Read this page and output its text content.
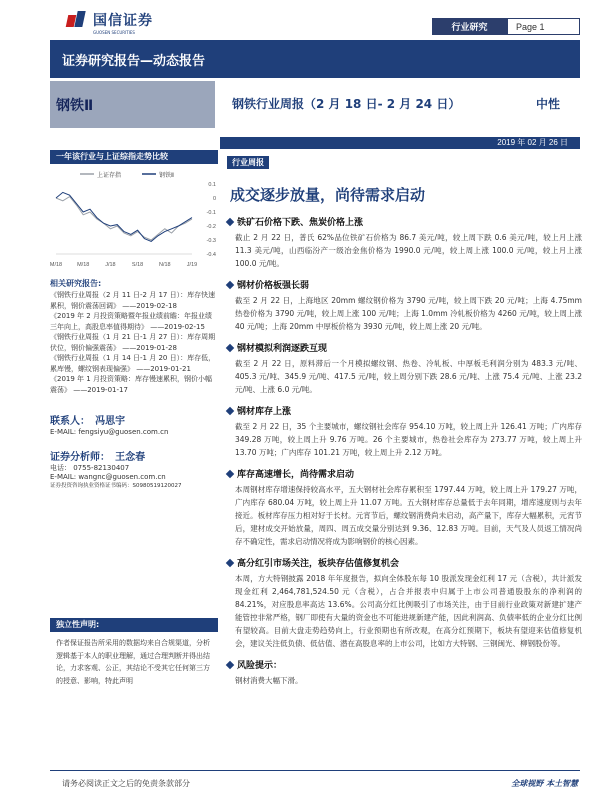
国信证券
GUOSEN SECURITIES	行业研究	Page 1
证券研究报告—动态报告
钢铁Ⅱ	钢铁行业周报（2 月 18 日- 2 月 24 日）	中性
2019 年 02 月 26 日
一年该行业与上证综指走势比较
上证存指	钢铁Ⅱ
0.1
0
-0.1
-0.2
-0.3
-0.4
M/18	M/18	J/18	S/18	N/18	J/19
相关研究报告:
《钢铁行业周报（2 月 11 日-2 月 17 日）：库存快速累积，钢价震荡回调》 ——2019-02-18
《2019 年 2 月投资策略暨年报业绩前瞻：年报业绩三年向上，高股息率值得期待》 ——2019-02-15
《钢铁行业周报（1 月 21 日-1 月 27 日）：库存周期伏位，钢价偏强震荡》 ——2019-01-28
《钢铁行业周报（1 月 14 日-1 月 20 日）：库存低，累库慢，螺纹钢表现偏强》 ——2019-01-21
《2019 年 1 月投资策略：库存慢速累积，钢价小幅震荡》 ——2019-01-17
联系人： 冯思宇
E-MAIL: fengsiyu@guosen.com.cn
证券分析师： 王念春
电话： 0755-82130407
E-MAIL: wangnc@guosen.com.cn
证券投资咨询执业资格证书编码：S0980519120027
独立性声明:
作者保证报告所采用的数据均来自合规渠道，分析逻辑基于本人的职业理解，通过合理判断并得出结论，力求客观、公正，其结论不受其它任何第三方的授意、影响，特此声明
行业周报
成交逐步放量，尚待需求启动
铁矿石价格下跌、焦炭价格上涨
截止 2 月 22 日，普氏 62%品位铁矿石价格为 86.7 美元/吨，较上周下跌 0.6 美元/吨，较上月上涨 11.3 美元/吨，山西临汾产一级冶金焦价格为 1990.0 元/吨，较上周上涨 100.0 元/吨，较上月上涨 100.0 元/吨。
钢材价格板强长弱
截至 2 月 22 日，上海地区 20mm 螺纹钢价格为 3790 元/吨，较上周下跌 20 元/吨；上海 4.75mm 热卷价格为 3790 元/吨，较上周上涨 100 元/吨；上海 1.0mm 冷轧板价格为 4260 元/吨，较上周上涨 40 元/吨；上海 20mm 中厚板价格为 3930 元/吨，较上周上涨 20 元/吨。
钢材模拟利润逐跌互现
截至 2 月 22 日，原料滞后一个月模拟螺纹钢、热卷、冷轧板、中厚板毛利润分别为 483.3 元/吨、405.3 元/吨、345.9 元/吨、417.5 元/吨，较上周分别下跌 28.6 元/吨、上涨 75.4 元/吨、上涨 23.2 元/吨、上涨 6.0 元/吨。
钢材库存上涨
截至 2 月 22 日，35 个主要城市，螺纹钢社会库存 954.10 万吨，较上周上升 126.41 万吨；广内库存 349.28 万吨，较上周上升 9.76 万吨。26 个主要城市，热卷社会库存为 273.77 万吨，较上周上升 13.70 万吨；广内库存 101.21 万吨，较上周上升 2.12 万吨。
库存高速增长，尚待需求启动
本周钢材库存增速保持较高水平，五大钢材社会库存累积至 1797.44 万吨，较上周上升 179.27 万吨，广内库存 680.04 万吨，较上周上升 11.07 万吨。五大钢材库存总量低于去年同期，增库速度则与去年接近。板材库存压力相对好于长材。元宵节后，螺纹钢消费尚未启动，高产量下，库存大幅累积，元宵节后，建材成交开始放量，周四、周五成交量分别达到 9.36、12.83 万吨。目前，天气及人员返工情况尚存不确定性，需求启动情况将成为影响钢价的核心因素。
高分红引市场关注，板块存估值修复机会
本周，方大特钢披露 2018 年年度报告，拟向全体股东每 10 股派发现金红利 17 元（含税），共计派发现金红利 2,464,781,524.50 元（含税），占合并报表中归属于上市公司普通股股东的净利润的 84.21%，对应股息率高达 13.6%。公司高分红比例吸引了市场关注，由于目前行业政策对新建扩建产能管控非常严格，钢厂即使有大量的资金也不可能进规新建产能，因此利润高、负债率低的企业分红比例有望较高。目前大盘走势趋势向上，行业预期也有所改观，在高分红预期下，板块有望迎来估值修复机会，建议关注低负债、低估值、潜在高股息率的上市公司，比如方大特钢、三钢闽光、柳钢股份等。
风险提示：
钢材消费大幅下滑。
请务必阅读正文之后的免责条款部分	全球视野 本土智慧
